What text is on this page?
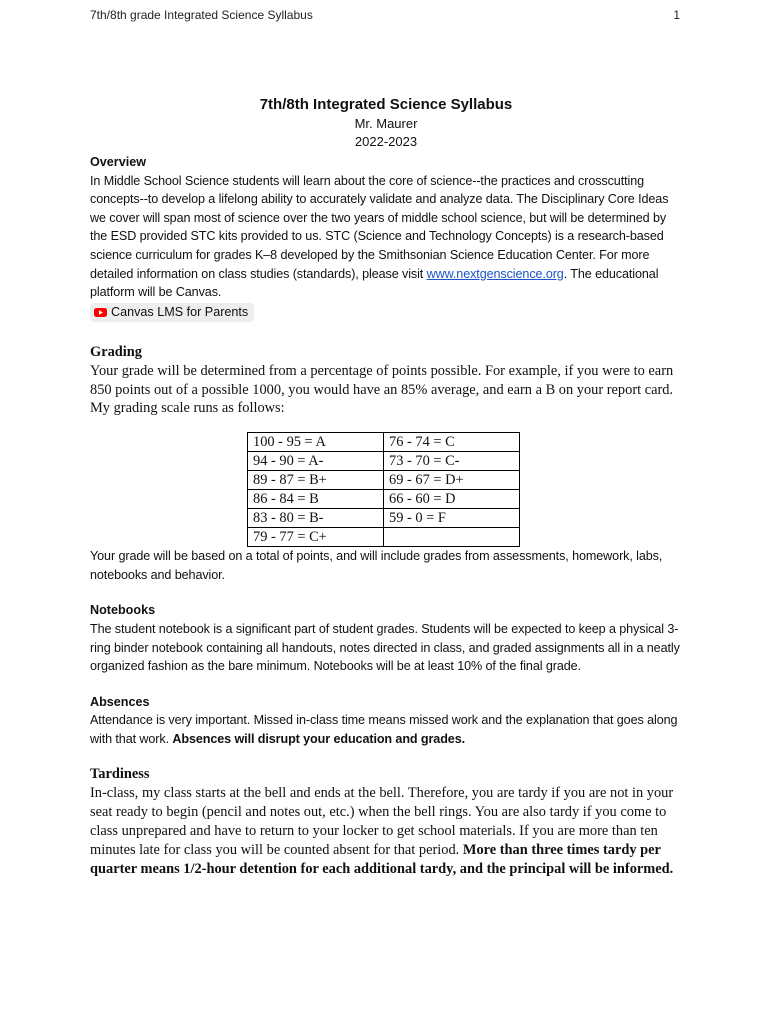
7th/8th grade Integrated Science Syllabus	1

7th/8th Integrated Science Syllabus

Mr. Maurer

2022-2023

Overview

In Middle School Science students will learn about the core of science--the practices and crosscutting concepts--to develop a lifelong ability to accurately validate and analyze data. The Disciplinary Core Ideas we cover will span most of science over the two years of middle school science, but will be determined by the ESD provided STC kits provided to us. STC (Science and Technology Concepts) is a research-based science curriculum for grades K–8 developed by the Smithsonian Science Education Center. For more detailed information on class studies (standards), please visit www.nextgenscience.org. The educational platform will be Canvas.

Canvas LMS for Parents

Grading

Your grade will be determined from a percentage of points possible. For example, if you were to earn 850 points out of a possible 1000, you would have an 85% average, and earn a B on your report card. My grading scale runs as follows:

100 - 95 = A	76 - 74 = C
94 - 90 = A-	73 - 70 = C-
89 - 87 = B+	69 - 67 = D+
86 - 84 = B	66 - 60 = D
83 - 80 = B-	59 - 0 = F
79 - 77 = C+	

Your grade will be based on a total of points, and will include grades from assessments, homework, labs, notebooks and behavior.

Notebooks

The student notebook is a significant part of student grades. Students will be expected to keep a physical 3-ring binder notebook containing all handouts, notes directed in class, and graded assignments all in a neatly organized fashion as the bare minimum. Notebooks will be at least 10% of the final grade.

Absences

Attendance is very important. Missed in-class time means missed work and the explanation that goes along with that work. Absences will disrupt your education and grades.

Tardiness

In-class, my class starts at the bell and ends at the bell. Therefore, you are tardy if you are not in your seat ready to begin (pencil and notes out, etc.) when the bell rings. You are also tardy if you come to class unprepared and have to return to your locker to get school materials. If you are more than ten minutes late for class you will be counted absent for that period. More than three times tardy per quarter means 1/2-hour detention for each additional tardy, and the principal will be informed.
